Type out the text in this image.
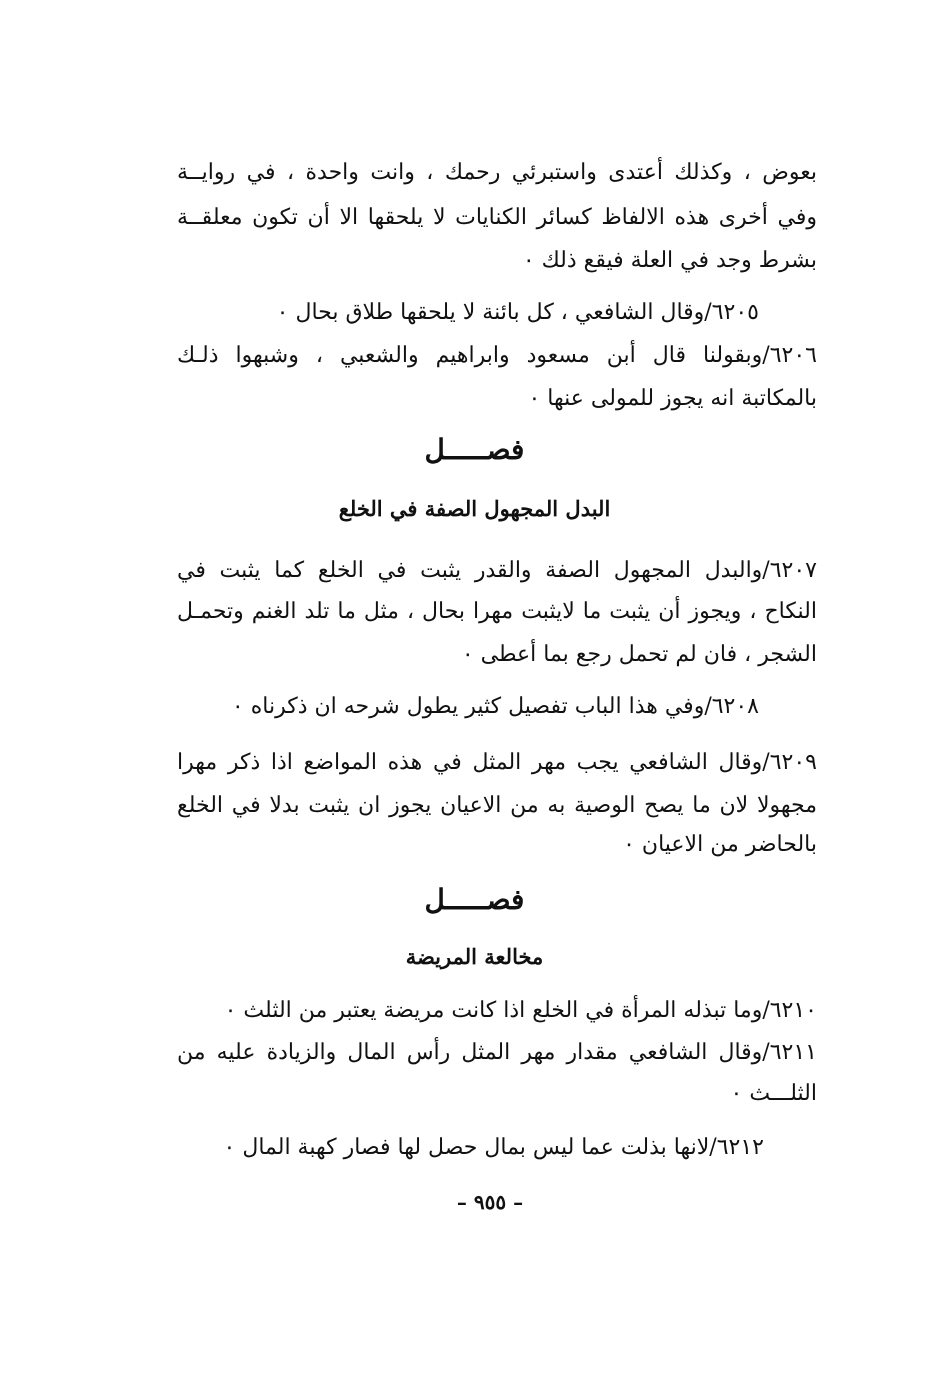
بعوض ، وكذلك أعتدى واستبرئي رحمك ، وانت واحدة ، في روايــة
وفي أخرى هذه الالفاظ كسائر الكنايات لا يلحقها الا أن تكون معلقــة
بشرط وجد في العلة فيقع ذلك ٠
٦٢٠٥/وقال الشافعي ، كل بائنة لا يلحقها طلاق بحال ٠
٦٢٠٦/وبقولنا قال أبن مسعود وابراهيم والشعبي ، وشبهوا ذلـك
بالمكاتبة انه يجوز للمولى عنها ٠
فصـــــل
البدل المجهول الصفة في الخلع
٦٢٠٧/والبدل المجهول الصفة والقدر يثبت في الخلع كما يثبت في
النكاح ، ويجوز أن يثبت ما لايثبت مهرا بحال ، مثل ما تلد الغنم وتحمـل
الشجر ، فان لم تحمل رجع بما أعطى ٠
٦٢٠٨/وفي هذا الباب تفصيل كثير يطول شرحه ان ذكرناه ٠
٦٢٠٩/وقال الشافعي يجب مهر المثل في هذه المواضع اذا ذكر مهرا
مجهولا لان ما يصح الوصية به من الاعيان يجوز ان يثبت بدلا في الخلع
بالحاضر من الاعيان ٠
فصـــــل
مخالعة المريضة
٦٢١٠/وما تبذله المرأة في الخلع اذا كانت مريضة يعتبر من الثلث ٠
٦٢١١/وقال الشافعي مقدار مهر المثل رأس المال والزيادة عليه من
الثلـــث ٠
٦٢١٢/لانها بذلت عما ليس بمال حصل لها فصار كهبة المال ٠
– ٩٥٥ –
